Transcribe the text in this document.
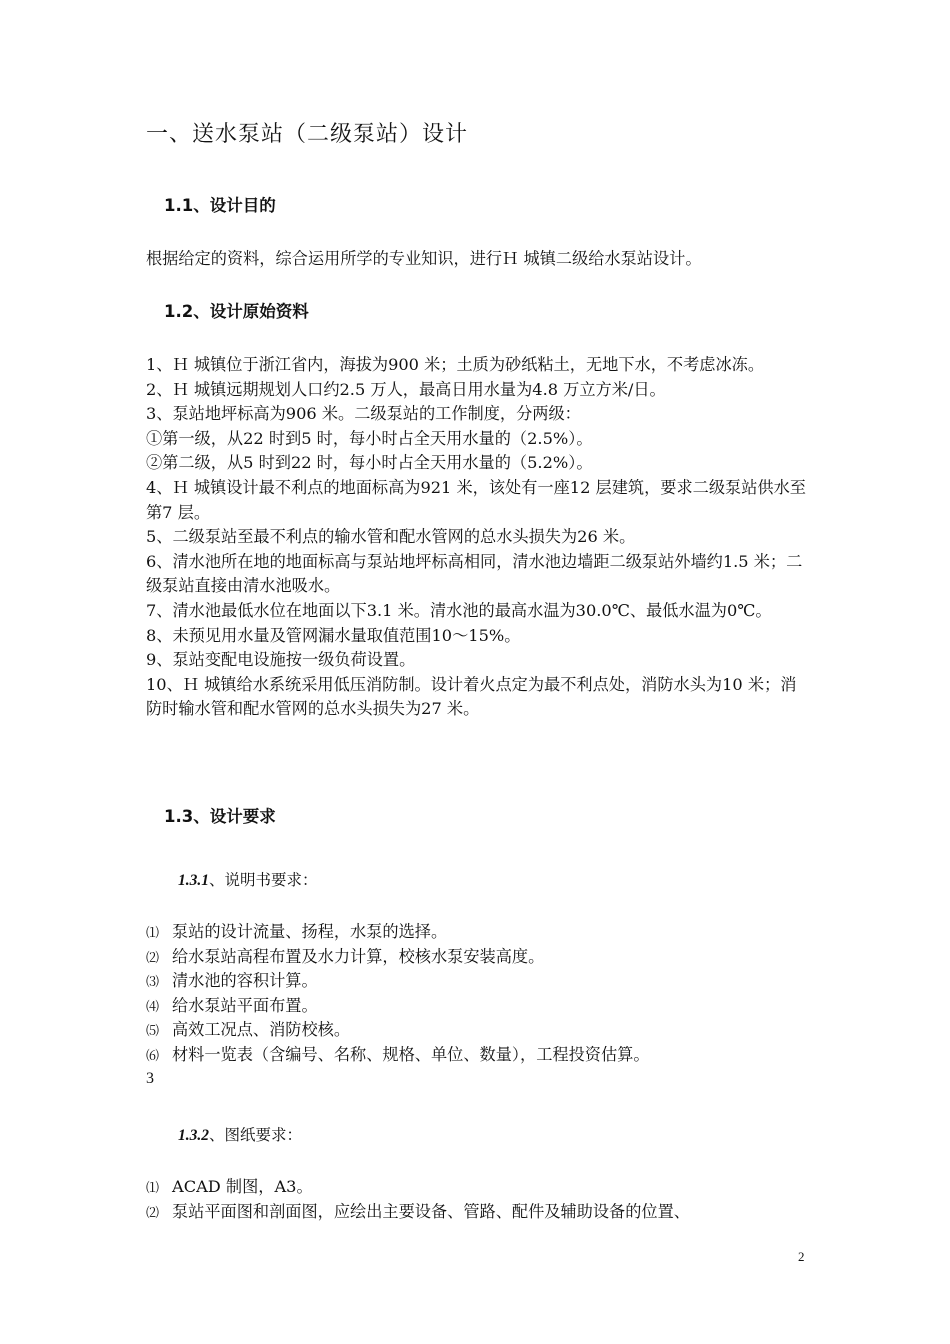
一、送水泵站（二级泵站）设计
1.1、设计目的
根据给定的资料，综合运用所学的专业知识，进行Ｈ 城镇二级给水泵站设计。
1.2、设计原始资料
1、Ｈ 城镇位于浙江省内，海拔为900 米；土质为砂纸粘土，无地下水，不考虑冰冻。
2、Ｈ 城镇远期规划人口约2.5 万人，最高日用水量为4.8 万立方米/日。
3、泵站地坪标高为906 米。二级泵站的工作制度，分两级：
①第一级，从22 时到5 时，每小时占全天用水量的（2.5%）。
②第二级，从5 时到22 时，每小时占全天用水量的（5.2%）。
4、Ｈ 城镇设计最不利点的地面标高为921 米，该处有一座12 层建筑，要求二级泵站供水至第7 层。
5、二级泵站至最不利点的输水管和配水管网的总水头损失为26 米。
6、清水池所在地的地面标高与泵站地坪标高相同，清水池边墙距二级泵站外墙约1.5 米；二级泵站直接由清水池吸水。
7、清水池最低水位在地面以下3.1 米。清水池的最高水温为30.0℃、最低水温为0℃。
8、未预见用水量及管网漏水量取值范围10～15%。
9、泵站变配电设施按一级负荷设置。
10、Ｈ 城镇给水系统采用低压消防制。设计着火点定为最不利点处，消防水头为10 米；消防时输水管和配水管网的总水头损失为27 米。
1.3、设计要求
1.3.1、说明书要求：
⑴ 泵站的设计流量、扬程，水泵的选择。
⑵ 给水泵站高程布置及水力计算，校核水泵安装高度。
⑶ 清水池的容积计算。
⑷ 给水泵站平面布置。
⑸ 高效工况点、消防校核。
⑹ 材料一览表（含编号、名称、规格、单位、数量），工程投资估算。
3
1.3.2、图纸要求：
⑴ ACAD 制图，A3。
⑵ 泵站平面图和剖面图，应绘出主要设备、管路、配件及辅助设备的位置、
2
